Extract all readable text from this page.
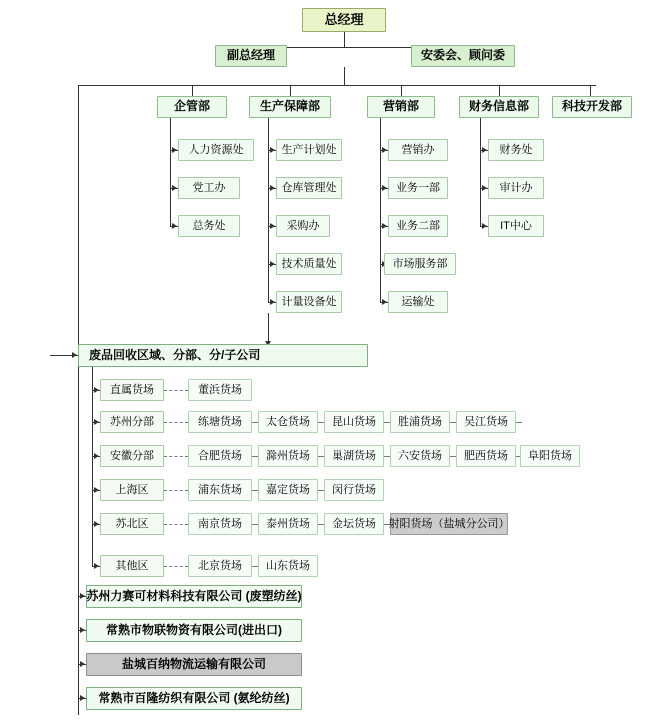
总经理
副总经理	安委会、顾问委
企管部	生产保障部	营销部	财务信息部	科技开发部
人力资源处
党工办
总务处
生产计划处
仓库管理处
采购办
技术质量处
计量设备处
营销办
业务一部
业务二部
市场服务部
运输处
财务处
审计办
IT中心
废品回收区域、分部、分/子公司
直属货场	董浜货场
苏州分部	练塘货场	太仓货场	昆山货场	胜浦货场	吴江货场
安徽分部	合肥货场	滁州货场	巢湖货场	六安货场	肥西货场	阜阳货场
上海区	浦东货场	嘉定货场	闵行货场
苏北区	南京货场	泰州货场	金坛货场	射阳货场（盐城分公司）
其他区	北京货场	山东货场
苏州力赛可材料科技有限公司 (废塑纺丝)
常熟市物联物资有限公司(进出口)
盐城百纳物流运输有限公司
常熟市百隆纺织有限公司 (氨纶纺丝)
